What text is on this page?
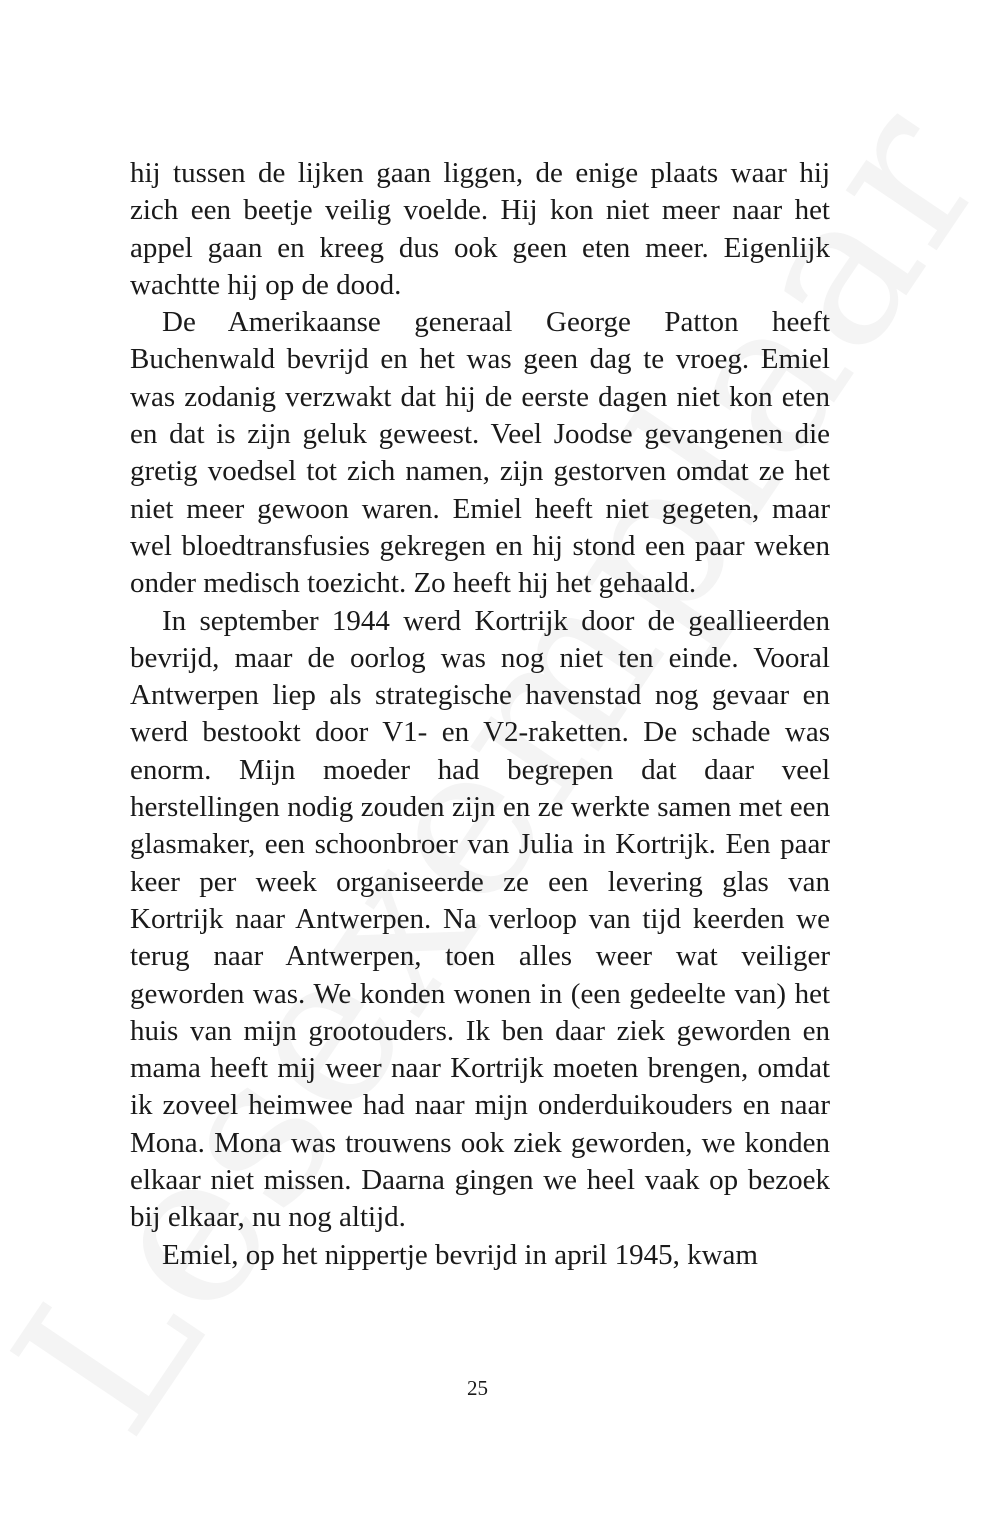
hij tussen de lijken gaan liggen, de enige plaats waar hij zich een beetje veilig voelde. Hij kon niet meer naar het appel gaan en kreeg dus ook geen eten meer. Eigenlijk wachtte hij op de dood.

De Amerikaanse generaal George Patton heeft Buchenwald bevrijd en het was geen dag te vroeg. Emiel was zodanig verzwakt dat hij de eerste dagen niet kon eten en dat is zijn geluk geweest. Veel Joodse gevangenen die gretig voedsel tot zich namen, zijn gestorven omdat ze het niet meer gewoon waren. Emiel heeft niet gegeten, maar wel bloedtransfusies gekregen en hij stond een paar weken onder medisch toezicht. Zo heeft hij het gehaald.

In september 1944 werd Kortrijk door de geallieerden bevrijd, maar de oorlog was nog niet ten einde. Vooral Antwerpen liep als strategische havenstad nog gevaar en werd bestookt door V1- en V2-raketten. De schade was enorm. Mijn moeder had begrepen dat daar veel herstellingen nodig zouden zijn en ze werkte samen met een glasmaker, een schoonbroer van Julia in Kortrijk. Een paar keer per week organiseerde ze een levering glas van Kortrijk naar Antwerpen. Na verloop van tijd keerden we terug naar Antwerpen, toen alles weer wat veiliger geworden was. We konden wonen in (een gedeelte van) het huis van mijn grootouders. Ik ben daar ziek geworden en mama heeft mij weer naar Kortrijk moeten brengen, omdat ik zoveel heimwee had naar mijn onderduikouders en naar Mona. Mona was trouwens ook ziek geworden, we konden elkaar niet missen. Daarna gingen we heel vaak op bezoek bij elkaar, nu nog altijd.

Emiel, op het nippertje bevrijd in april 1945, kwam

25
